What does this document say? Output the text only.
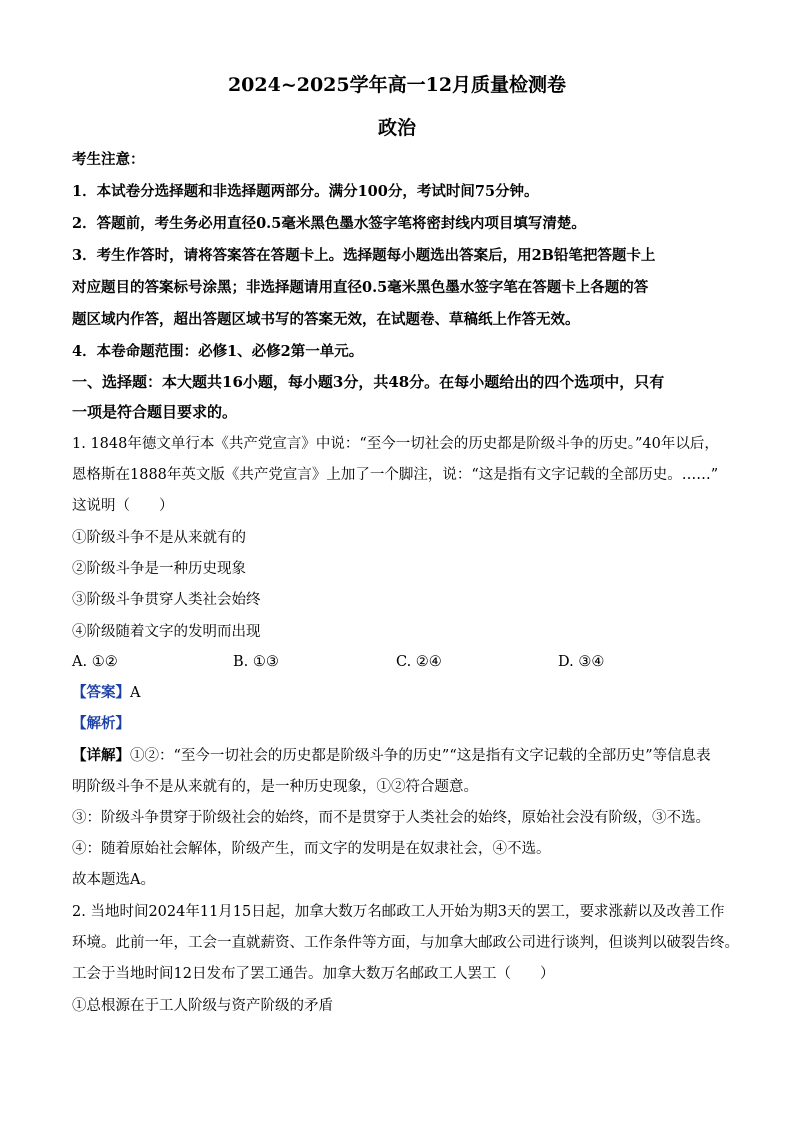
2024~2025学年高一12月质量检测卷
政治
考生注意：
1．本试卷分选择题和非选择题两部分。满分100分，考试时间75分钟。
2．答题前，考生务必用直径0.5毫米黑色墨水签字笔将密封线内项目填写清楚。
3．考生作答时，请将答案答在答题卡上。选择题每小题选出答案后，用2B铅笔把答题卡上
对应题目的答案标号涂黑；非选择题请用直径0.5毫米黑色墨水签字笔在答题卡上各题的答
题区域内作答，超出答题区域书写的答案无效，在试题卷、草稿纸上作答无效。
4．本卷命题范围：必修1、必修2第一单元。
一、选择题：本大题共16小题，每小题3分，共48分。在每小题给出的四个选项中，只有
一项是符合题目要求的。
1. 1848年德文单行本《共产党宣言》中说：“至今一切社会的历史都是阶级斗争的历史。”40年以后，
恩格斯在1888年英文版《共产党宣言》上加了一个脚注，说：“这是指有文字记载的全部历史。……”
这说明（　　）
①阶级斗争不是从来就有的
②阶级斗争是一种历史现象
③阶级斗争贯穿人类社会始终
④阶级随着文字的发明而出现
A. ①②	B. ①③	C. ②④	D. ③④
【答案】A
【解析】
【详解】①②：“至今一切社会的历史都是阶级斗争的历史”“这是指有文字记载的全部历史”等信息表
明阶级斗争不是从来就有的，是一种历史现象，①②符合题意。
③：阶级斗争贯穿于阶级社会的始终，而不是贯穿于人类社会的始终，原始社会没有阶级，③不选。
④：随着原始社会解体，阶级产生，而文字的发明是在奴隶社会，④不选。
故本题选A。
2. 当地时间2024年11月15日起，加拿大数万名邮政工人开始为期3天的罢工，要求涨薪以及改善工作
环境。此前一年，工会一直就薪资、工作条件等方面，与加拿大邮政公司进行谈判，但谈判以破裂告终。
工会于当地时间12日发布了罢工通告。加拿大数万名邮政工人罢工（　　）
①总根源在于工人阶级与资产阶级的矛盾
